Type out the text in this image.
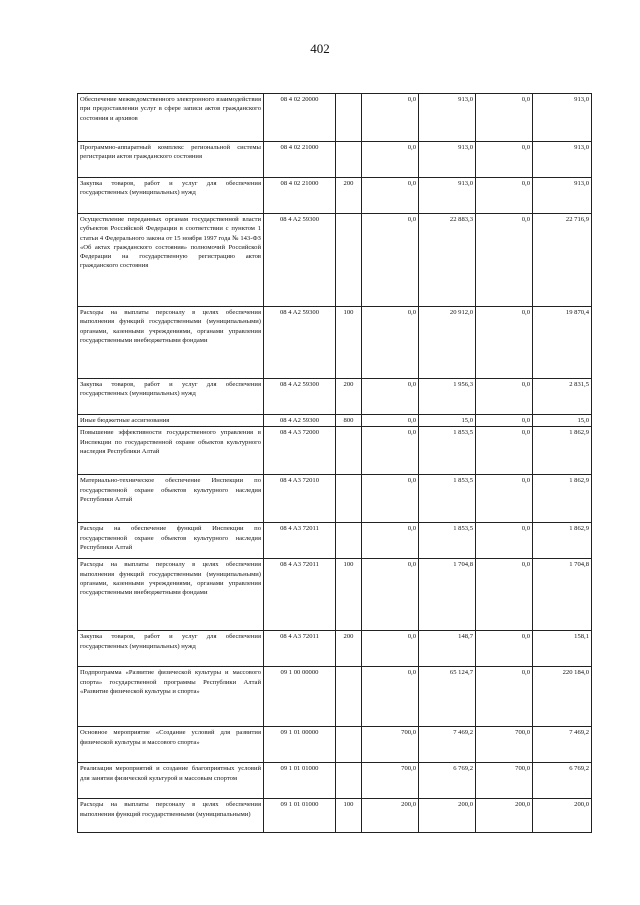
402
Обеспечение межведомственного электронного взаимодействия при предоставлении услуг в сфере записи актов гражданского состояния и архивов	08 4 02 20000		0,0	913,0	0,0	913,0
Программно-аппаратный комплекс региональной системы регистрации актов гражданского состояния	08 4 02 21000		0,0	913,0	0,0	913,0
Закупка товаров, работ и услуг для обеспечения государственных (муниципальных) нужд	08 4 02 21000	200	0,0	913,0	0,0	913,0
Осуществление переданных органам государственной власти субъектов Российской Федерации в соответствии с пунктом 1 статьи 4 Федерального закона от 15 ноября 1997 года № 143-ФЗ «Об актах гражданского состояния» полномочий Российской Федерации на государственную регистрацию актов гражданского состояния	08 4 A2 59300		0,0	22 883,3	0,0	22 716,9
Расходы на выплаты персоналу в целях обеспечения выполнения функций государственными (муниципальными) органами, казенными учреждениями, органами управления государственными внебюджетными фондами	08 4 A2 59300	100	0,0	20 912,0	0,0	19 870,4
Закупка товаров, работ и услуг для обеспечения государственных (муниципальных) нужд	08 4 A2 59300	200	0,0	1 956,3	0,0	2 831,5
Иные бюджетные ассигнования	08 4 A2 59300	800	0,0	15,0	0,0	15,0
Повышение эффективности государственного управления в Инспекции по государственной охране объектов культурного наследия Республики Алтай	08 4 A3 72000		0,0	1 853,5	0,0	1 862,9
Материально-техническое обеспечение Инспекции по государственной охране объектов культурного наследия Республики Алтай	08 4 A3 72010		0,0	1 853,5	0,0	1 862,9
Расходы на обеспечение функций Инспекции по государственной охране объектов культурного наследия Республики Алтай	08 4 A3 72011		0,0	1 853,5	0,0	1 862,9
Расходы на выплаты персоналу в целях обеспечения выполнения функций государственными (муниципальными) органами, казенными учреждениями, органами управления государственными внебюджетными фондами	08 4 A3 72011	100	0,0	1 704,8	0,0	1 704,8
Закупка товаров, работ и услуг для обеспечения государственных (муниципальных) нужд	08 4 A3 72011	200	0,0	148,7	0,0	158,1
Подпрограмма «Развитие физической культуры и массового спорта» государственной программы Республики Алтай «Развитие физической культуры и спорта»	09 1 00 00000		0,0	65 124,7	0,0	220 184,0
Основное мероприятие «Создание условий для развития физической культуры и массового спорта»	09 1 01 00000		700,0	7 469,2	700,0	7 469,2
Реализация мероприятий и создание благоприятных условий для занятия физической культурой и массовым спортом	09 1 01 01000		700,0	6 769,2	700,0	6 769,2
Расходы на выплаты персоналу в целях обеспечения выполнения функций государственными (муниципальными)	09 1 01 01000	100	200,0	200,0	200,0	200,0
